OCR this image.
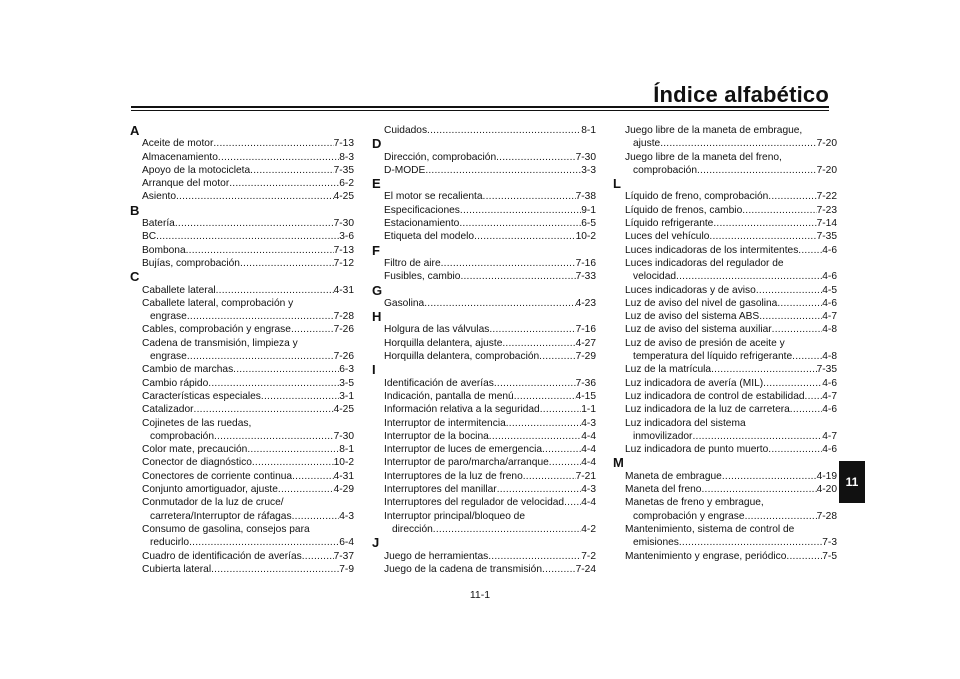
Índice alfabético
A
Aceite de motor . . .	7-13
Almacenamiento . . .	8-3
Apoyo de la motocicleta . . .	7-35
Arranque del motor . . .	6-2
Asiento . . .	4-25
B
Batería . . .	7-30
BC . . .	3-6
Bombona . . .	7-13
Bujías, comprobación . . .	7-12
C
Caballete lateral . . .	4-31
Caballete lateral, comprobación y
engrase . . .	7-28
Cables, comprobación y engrase . . .	7-26
Cadena de transmisión, limpieza y
engrase . . .	7-26
Cambio de marchas . . .	6-3
Cambio rápido . . .	3-5
Características especiales . . .	3-1
Catalizador . . .	4-25
Cojinetes de las ruedas,
comprobación . . .	7-30
Color mate, precaución . . .	8-1
Conector de diagnóstico . . .	10-2
Conectores de corriente continua . . .	4-31
Conjunto amortiguador, ajuste . . .	4-29
Conmutador de la luz de cruce/
carretera/Interruptor de ráfagas . . .	4-3
Consumo de gasolina, consejos para
reducirlo . . .	6-4
Cuadro de identificación de averías . . .	7-37
Cubierta lateral . . .	7-9
Cuidados . . .	8-1
D
Dirección, comprobación . . .	7-30
D-MODE . . .	3-3
E
El motor se recalienta . . .	7-38
Especificaciones . . .	9-1
Estacionamiento . . .	6-5
Etiqueta del modelo . . .	10-2
F
Filtro de aire . . .	7-16
Fusibles, cambio . . .	7-33
G
Gasolina . . .	4-23
H
Holgura de las válvulas . . .	7-16
Horquilla delantera, ajuste . . .	4-27
Horquilla delantera, comprobación . . .	7-29
I
Identificación de averías . . .	7-36
Indicación, pantalla de menú . . .	4-15
Información relativa a la seguridad . . .	1-1
Interruptor de intermitencia . . .	4-3
Interruptor de la bocina . . .	4-4
Interruptor de luces de emergencia . . .	4-4
Interruptor de paro/marcha/arranque . . .	4-4
Interruptores de la luz de freno . . .	7-21
Interruptores del manillar . . .	4-3
Interruptores del regulador de velocidad . . . 4-4
Interruptor principal/bloqueo de
dirección . . .	4-2
J
Juego de herramientas . . .	7-2
Juego de la cadena de transmisión . . .	7-24
Juego libre de la maneta de embrague,
ajuste . . .	7-20
Juego libre de la maneta del freno,
comprobación . . .	7-20
L
Líquido de freno, comprobación . . .	7-22
Líquido de frenos, cambio . . .	7-23
Líquido refrigerante . . .	7-14
Luces del vehículo . . .	7-35
Luces indicadoras de los intermitentes . . . 4-6
Luces indicadoras del regulador de
velocidad . . .	4-6
Luces indicadoras y de aviso . . .	4-5
Luz de aviso del nivel de gasolina . . .	4-6
Luz de aviso del sistema ABS . . .	4-7
Luz de aviso del sistema auxiliar . . .	4-8
Luz de aviso de presión de aceite y
temperatura del líquido refrigerante . . .	4-8
Luz de la matrícula . . .	7-35
Luz indicadora de avería (MIL) . . .	4-6
Luz indicadora de control de estabilidad . . . 4-7
Luz indicadora de la luz de carretera . . .	4-6
Luz indicadora del sistema
inmovilizador . . .	4-7
Luz indicadora de punto muerto . . .	4-6
M
Maneta de embrague . . .	4-19
Maneta del freno . . .	4-20
Manetas de freno y embrague,
comprobación y engrase . . .	7-28
Mantenimiento, sistema de control de
emisiones . . .	7-3
Mantenimiento y engrase, periódico . . .	7-5
11-1
11
